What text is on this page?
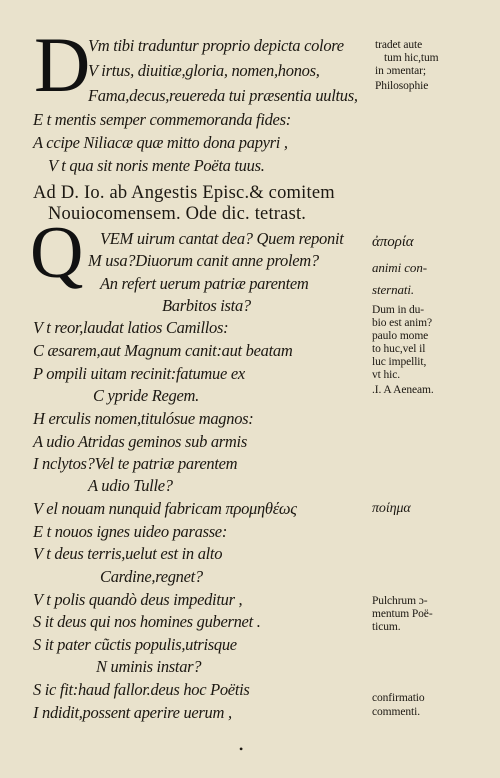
D
Vm tibi traduntur proprio depicta colore
V irtus, diuitiæ,gloria, nomen,honos,
Fama,decus,reuereda tui præsentia uultus,
E t mentis semper commemoranda fides:
A ccipe Niliacæ quæ mitto dona papyri ,
V t qua sit noris mente Poëta tuus.
Ad D. Io. ab Angestis Episc.& comitem
Nouiocomensem. Ode dic. tetrast.
Q VEM uirum cantat dea? Quem reponit
M usa?Diuorum canit anne prolem?
An refert uerum patriæ parentem
Barbitos ista?
V t reor,laudat latios Camillos:
C æsarem,aut Magnum canit:aut beatam
P ompili uitam recinit:fatumue ex
C ypride Regem.
H erculis nomen,titulósue magnos:
A udio Atridas geminos sub armis
I nclytos?Vel te patriæ parentem
A udio Tulle?
V el nouam nunquid fabricam προμηθέως
E t nouos ignes uideo parasse:
V t deus terris,uelut est in alto
Cardine,regnet?
V t polis quandò deus impeditur ,
S it deus qui nos homines gubernet .
S it pater cũctis populis,utrisque
N uminis instar?
S ic fit:haud fallor.deus hoc Poëtis
I ndidit,possent aperire uerum ,
tradet aute
tum hic,tum
in ɔmentar;
Philosophie
ἀπορία
animi con-
sternati.
Dum in du-
bio est anim?
paulo mome
to huc,vel il
luc impellit,
vt hic.
.I. A Aeneam.
ποίημα
Pulchrum ɔ-
mentum Poë-
ticum.
confirmatio
commenti.
•
